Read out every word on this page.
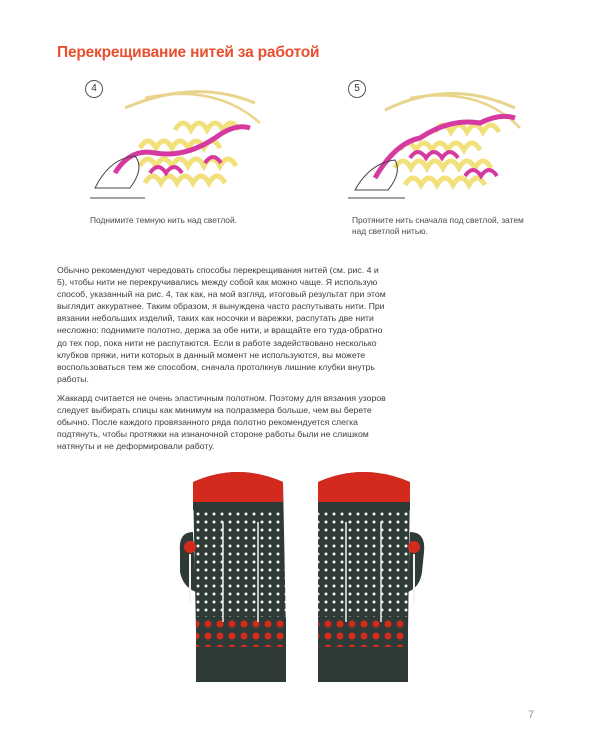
Перекрещивание нитей за работой
4	5
Поднимите темную нить над светлой.	Протяните нить сначала под светлой, затем над светлой нитью.

Обычно рекомендуют чередовать способы перекрещивания нитей (см. рис. 4 и 5), чтобы нити не перекручивались между собой как можно чаще. Я использую способ, указанный на рис. 4, так как, на мой взгляд, итоговый результат при этом выглядит аккуратнее. Таким образом, я вынуждена часто распутывать нити. При вязании небольших изделий, таких как носочки и варежки, распутать две нити несложно: поднимите полотно, держа за обе нити, и вращайте его туда-обратно до тех пор, пока нити не распутаются. Если в работе задействовано несколько клубков пряжи, нити которых в данный момент не используются, вы можете воспользоваться тем же способом, сначала протолкнув лишние клубки внутрь работы.

Жаккард считается не очень эластичным полотном. Поэтому для вязания узоров следует выбирать спицы как минимум на полразмера больше, чем вы берете обычно. После каждого провязанного ряда полотно рекомендуется слегка подтянуть, чтобы протяжки на изнаночной стороне работы были не слишком натянуты и не деформировали работу.

7
